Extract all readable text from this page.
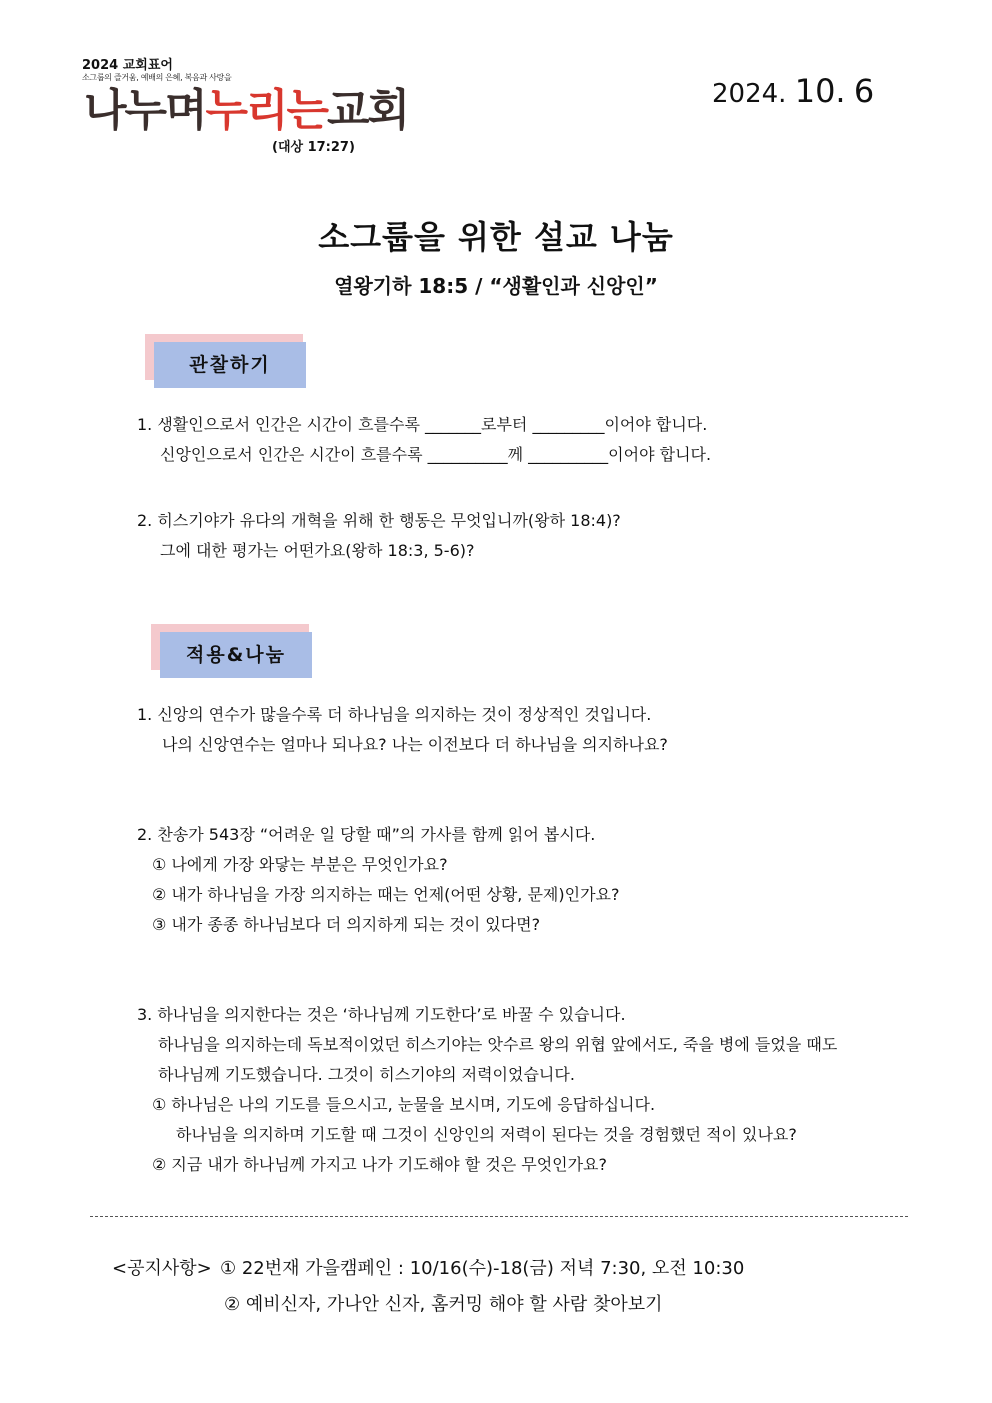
2024 교회표어
소그룹의 즐거움, 예배의 은혜, 복음과 사랑을
나누며누리는교회
(대상 17:27)
2024. 10. 6
소그룹을 위한 설교 나눔
열왕기하 18:5 / “생활인과 신앙인”
관찰하기
1. 생활인으로서 인간은 시간이 흐를수록 _______로부터 _________이어야 합니다.
신앙인으로서 인간은 시간이 흐를수록 __________께 __________이어야 합니다.
2. 히스기야가 유다의 개혁을 위해 한 행동은 무엇입니까(왕하 18:4)?
그에 대한 평가는 어떤가요(왕하 18:3, 5-6)?
적용&나눔
1. 신앙의 연수가 많을수록 더 하나님을 의지하는 것이 정상적인 것입니다.
나의 신앙연수는 얼마나 되나요? 나는 이전보다 더 하나님을 의지하나요?
2. 찬송가 543장 “어려운 일 당할 때”의 가사를 함께 읽어 봅시다.
① 나에게 가장 와닿는 부분은 무엇인가요?
② 내가 하나님을 가장 의지하는 때는 언제(어떤 상황, 문제)인가요?
③ 내가 종종 하나님보다 더 의지하게 되는 것이 있다면?
3. 하나님을 의지한다는 것은 ‘하나님께 기도한다’로 바꿀 수 있습니다.
하나님을 의지하는데 독보적이었던 히스기야는 앗수르 왕의 위협 앞에서도, 죽을 병에 들었을 때도
하나님께 기도했습니다. 그것이 히스기야의 저력이었습니다.
① 하나님은 나의 기도를 들으시고, 눈물을 보시며, 기도에 응답하십니다.
하나님을 의지하며 기도할 때 그것이 신앙인의 저력이 된다는 것을 경험했던 적이 있나요?
② 지금 내가 하나님께 가지고 나가 기도해야 할 것은 무엇인가요?
<공지사항> ① 22번재 가을캠페인 : 10/16(수)-18(금) 저녁 7:30, 오전 10:30
② 예비신자, 가나안 신자, 홈커밍 해야 할 사람 찾아보기
